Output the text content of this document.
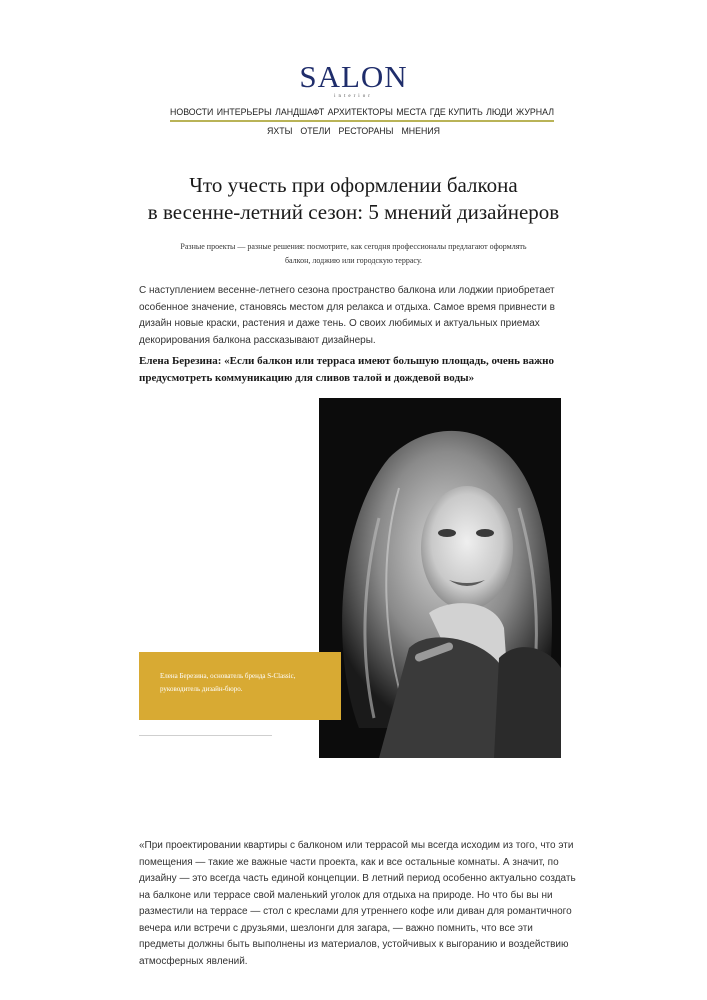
SALON
interior
НОВОСТИ ИНТЕРЬЕРЫ ЛАНДШАФТ АРХИТЕКТОРЫ МЕСТА ГДЕ КУПИТЬ ЛЮДИ ЖУРНАЛ
ЯХТЫ ОТЕЛИ РЕСТОРАНЫ МНЕНИЯ
Что учесть при оформлении балкона
в весенне-летний сезон: 5 мнений дизайнеров

Разные проекты — разные решения: посмотрите, как сегодня профессионалы предлагают оформлять балкон, лоджию или городскую террасу.

С наступлением весенне-летнего сезона пространство балкона или лоджии приобретает особенное значение, становясь местом для релакса и отдыха. Самое время привнести в дизайн новые краски, растения и даже тень. О своих любимых и актуальных приемах декорирования балкона рассказывают дизайнеры.

Елена Березина: «Если балкон или терраса имеют большую площадь, очень важно предусмотреть коммуникацию для сливов талой и дождевой воды»
Елена Березина, основатель бренда S-Classic, руководитель дизайн-бюро.

«При проектировании квартиры с балконом или террасой мы всегда исходим из того, что эти помещения — такие же важные части проекта, как и все остальные комнаты. А значит, по дизайну — это всегда часть единой концепции. В летний период особенно актуально создать на балконе или террасе свой маленький уголок для отдыха на природе. Но что бы вы ни разместили на террасе — стол с креслами для утреннего кофе или диван для романтичного вечера или встречи с друзьями, шезлонги для загара, — важно помнить, что все эти предметы должны быть выполнены из материалов, устойчивых к выгоранию и воздействию атмосферных явлений.
